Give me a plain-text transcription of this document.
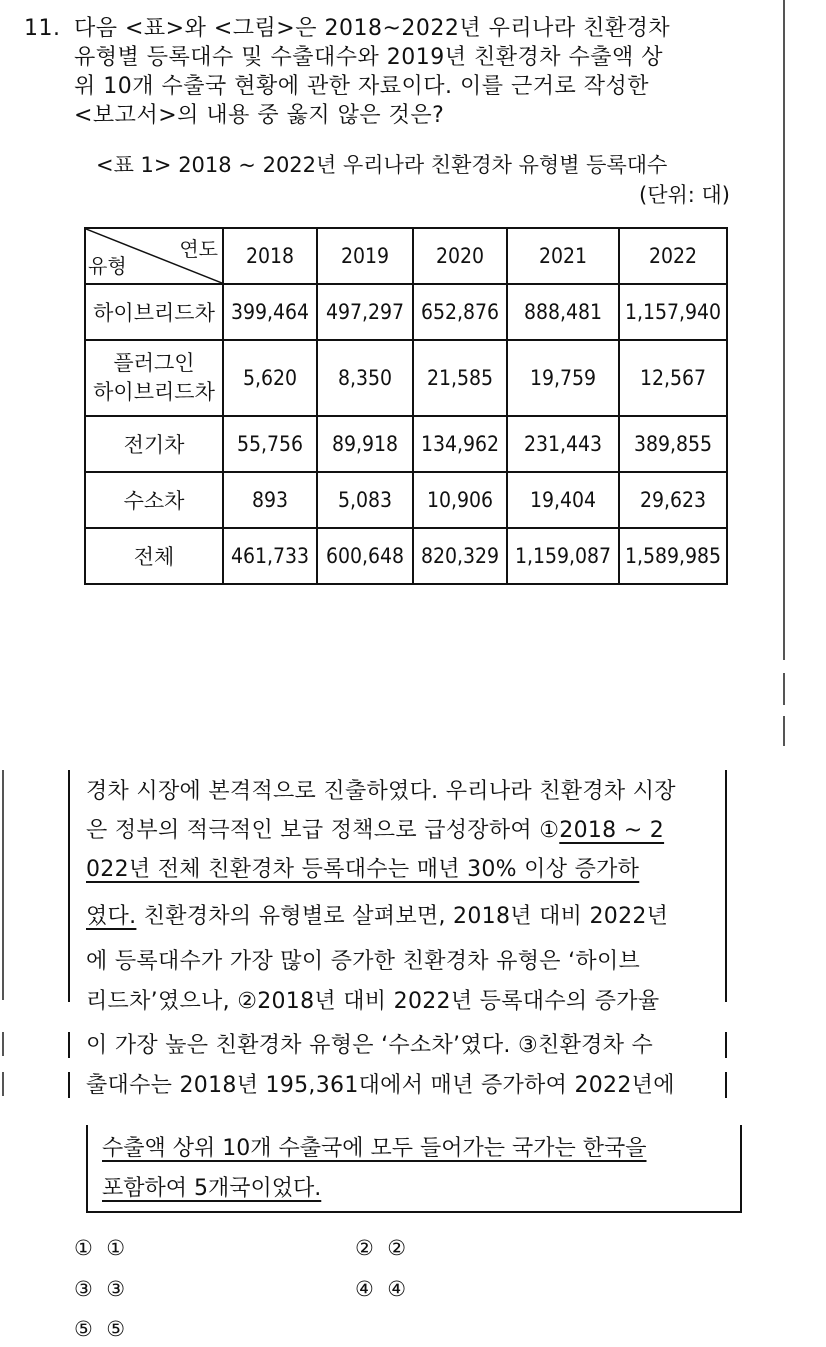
11. 다음 <표>와 <그림>은 2018~2022년 우리나라 친환경차
유형별 등록대수 및 수출대수와 2019년 친환경차 수출액 상
위 10개 수출국 현황에 관한 자료이다. 이를 근거로 작성한
<보고서>의 내용 중 옳지 않은 것은?
<표 1> 2018 ~ 2022년 우리나라 친환경차 유형별 등록대수
(단위: 대)
유형
연도	2018	2019	2020	2021	2022
하이브리드차	399,464	497,297	652,876	888,481	1,157,940

플러그인
하이브리드차	5,620	8,350	21,585	19,759	12,567
전기차	55,756	89,918	134,962	231,443	389,855
수소차	893	5,083	10,906	19,404	29,623
전체	461,733	600,648	820,329	1,159,087	1,589,985
경차 시장에 본격적으로 진출하였다. 우리나라 친환경차 시장
은 정부의 적극적인 보급 정책으로 급성장하여 ①2018 ~ 2
022년 전체 친환경차 등록대수는 매년 30% 이상 증가하
였다. 친환경차의 유형별로 살펴보면, 2018년 대비 2022년
에 등록대수가 가장 많이 증가한 친환경차 유형은 ‘하이브
리드차’였으나, ②2018년 대비 2022년 등록대수의 증가율
이 가장 높은 친환경차 유형은 ‘수소차’였다. ③친환경차 수
출대수는 2018년 195,361대에서 매년 증가하여 2022년에
수출액 상위 10개 수출국에 모두 들어가는 국가는 한국을
포함하여 5개국이었다.
① ①	② ②
③ ③	④ ④
⑤ ⑤
